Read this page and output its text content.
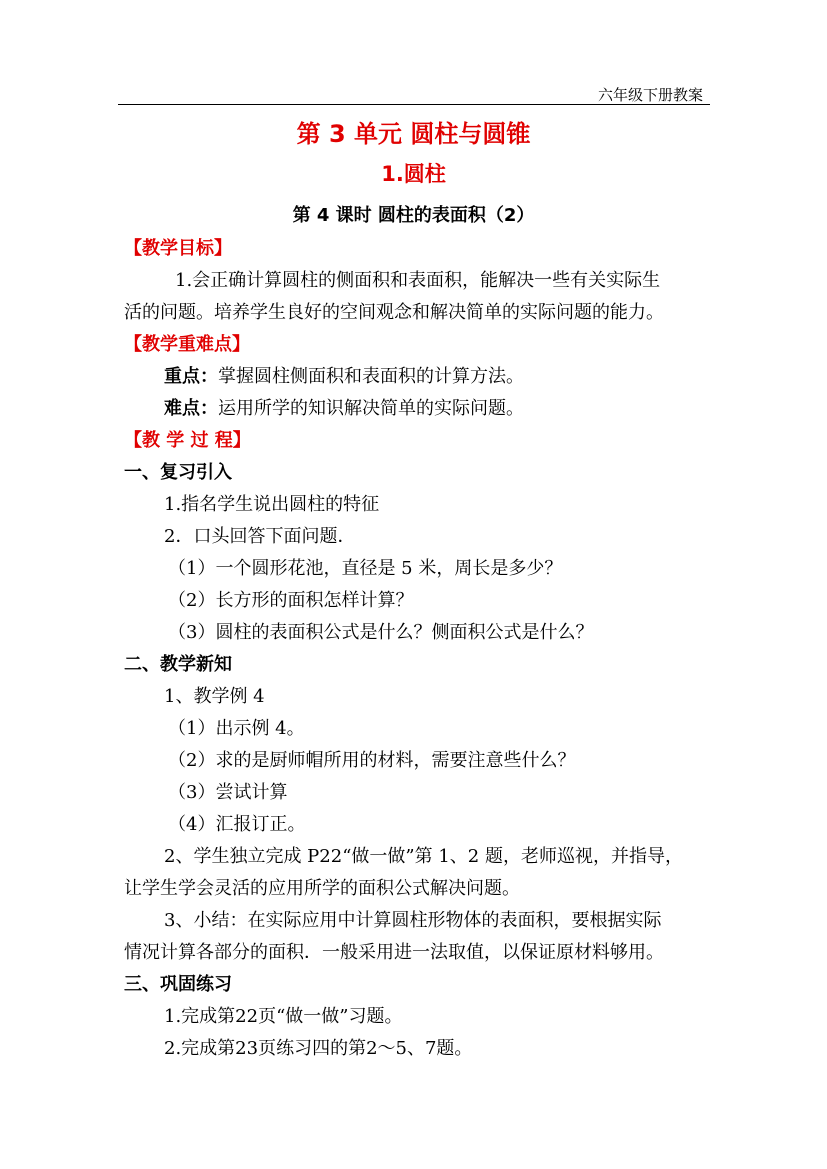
六年级下册教案
第 3 单元 圆柱与圆锥
1.圆柱
第 4 课时 圆柱的表面积（2）
【教学目标】
1.会正确计算圆柱的侧面积和表面积，能解决一些有关实际生
活的问题。培养学生良好的空间观念和解决简单的实际问题的能力。
【教学重难点】
重点：掌握圆柱侧面积和表面积的计算方法。
难点：运用所学的知识解决简单的实际问题。
【教 学 过 程】
一、复习引入
1.指名学生说出圆柱的特征
2．口头回答下面问题．
（1）一个圆形花池，直径是 5 米，周长是多少？
（2）长方形的面积怎样计算？
（3）圆柱的表面积公式是什么？侧面积公式是什么？
二、教学新知
1、教学例 4
（1）出示例 4。
（2）求的是厨师帽所用的材料，需要注意些什么？
（3）尝试计算
（4）汇报订正。
2、学生独立完成 P22“做一做”第 1、2 题，老师巡视，并指导，
让学生学会灵活的应用所学的面积公式解决问题。
3、小结：在实际应用中计算圆柱形物体的表面积，要根据实际
情况计算各部分的面积．一般采用进一法取值，以保证原材料够用。
三、巩固练习
1.完成第22页“做一做”习题。
2.完成第23页练习四的第2～5、7题。
